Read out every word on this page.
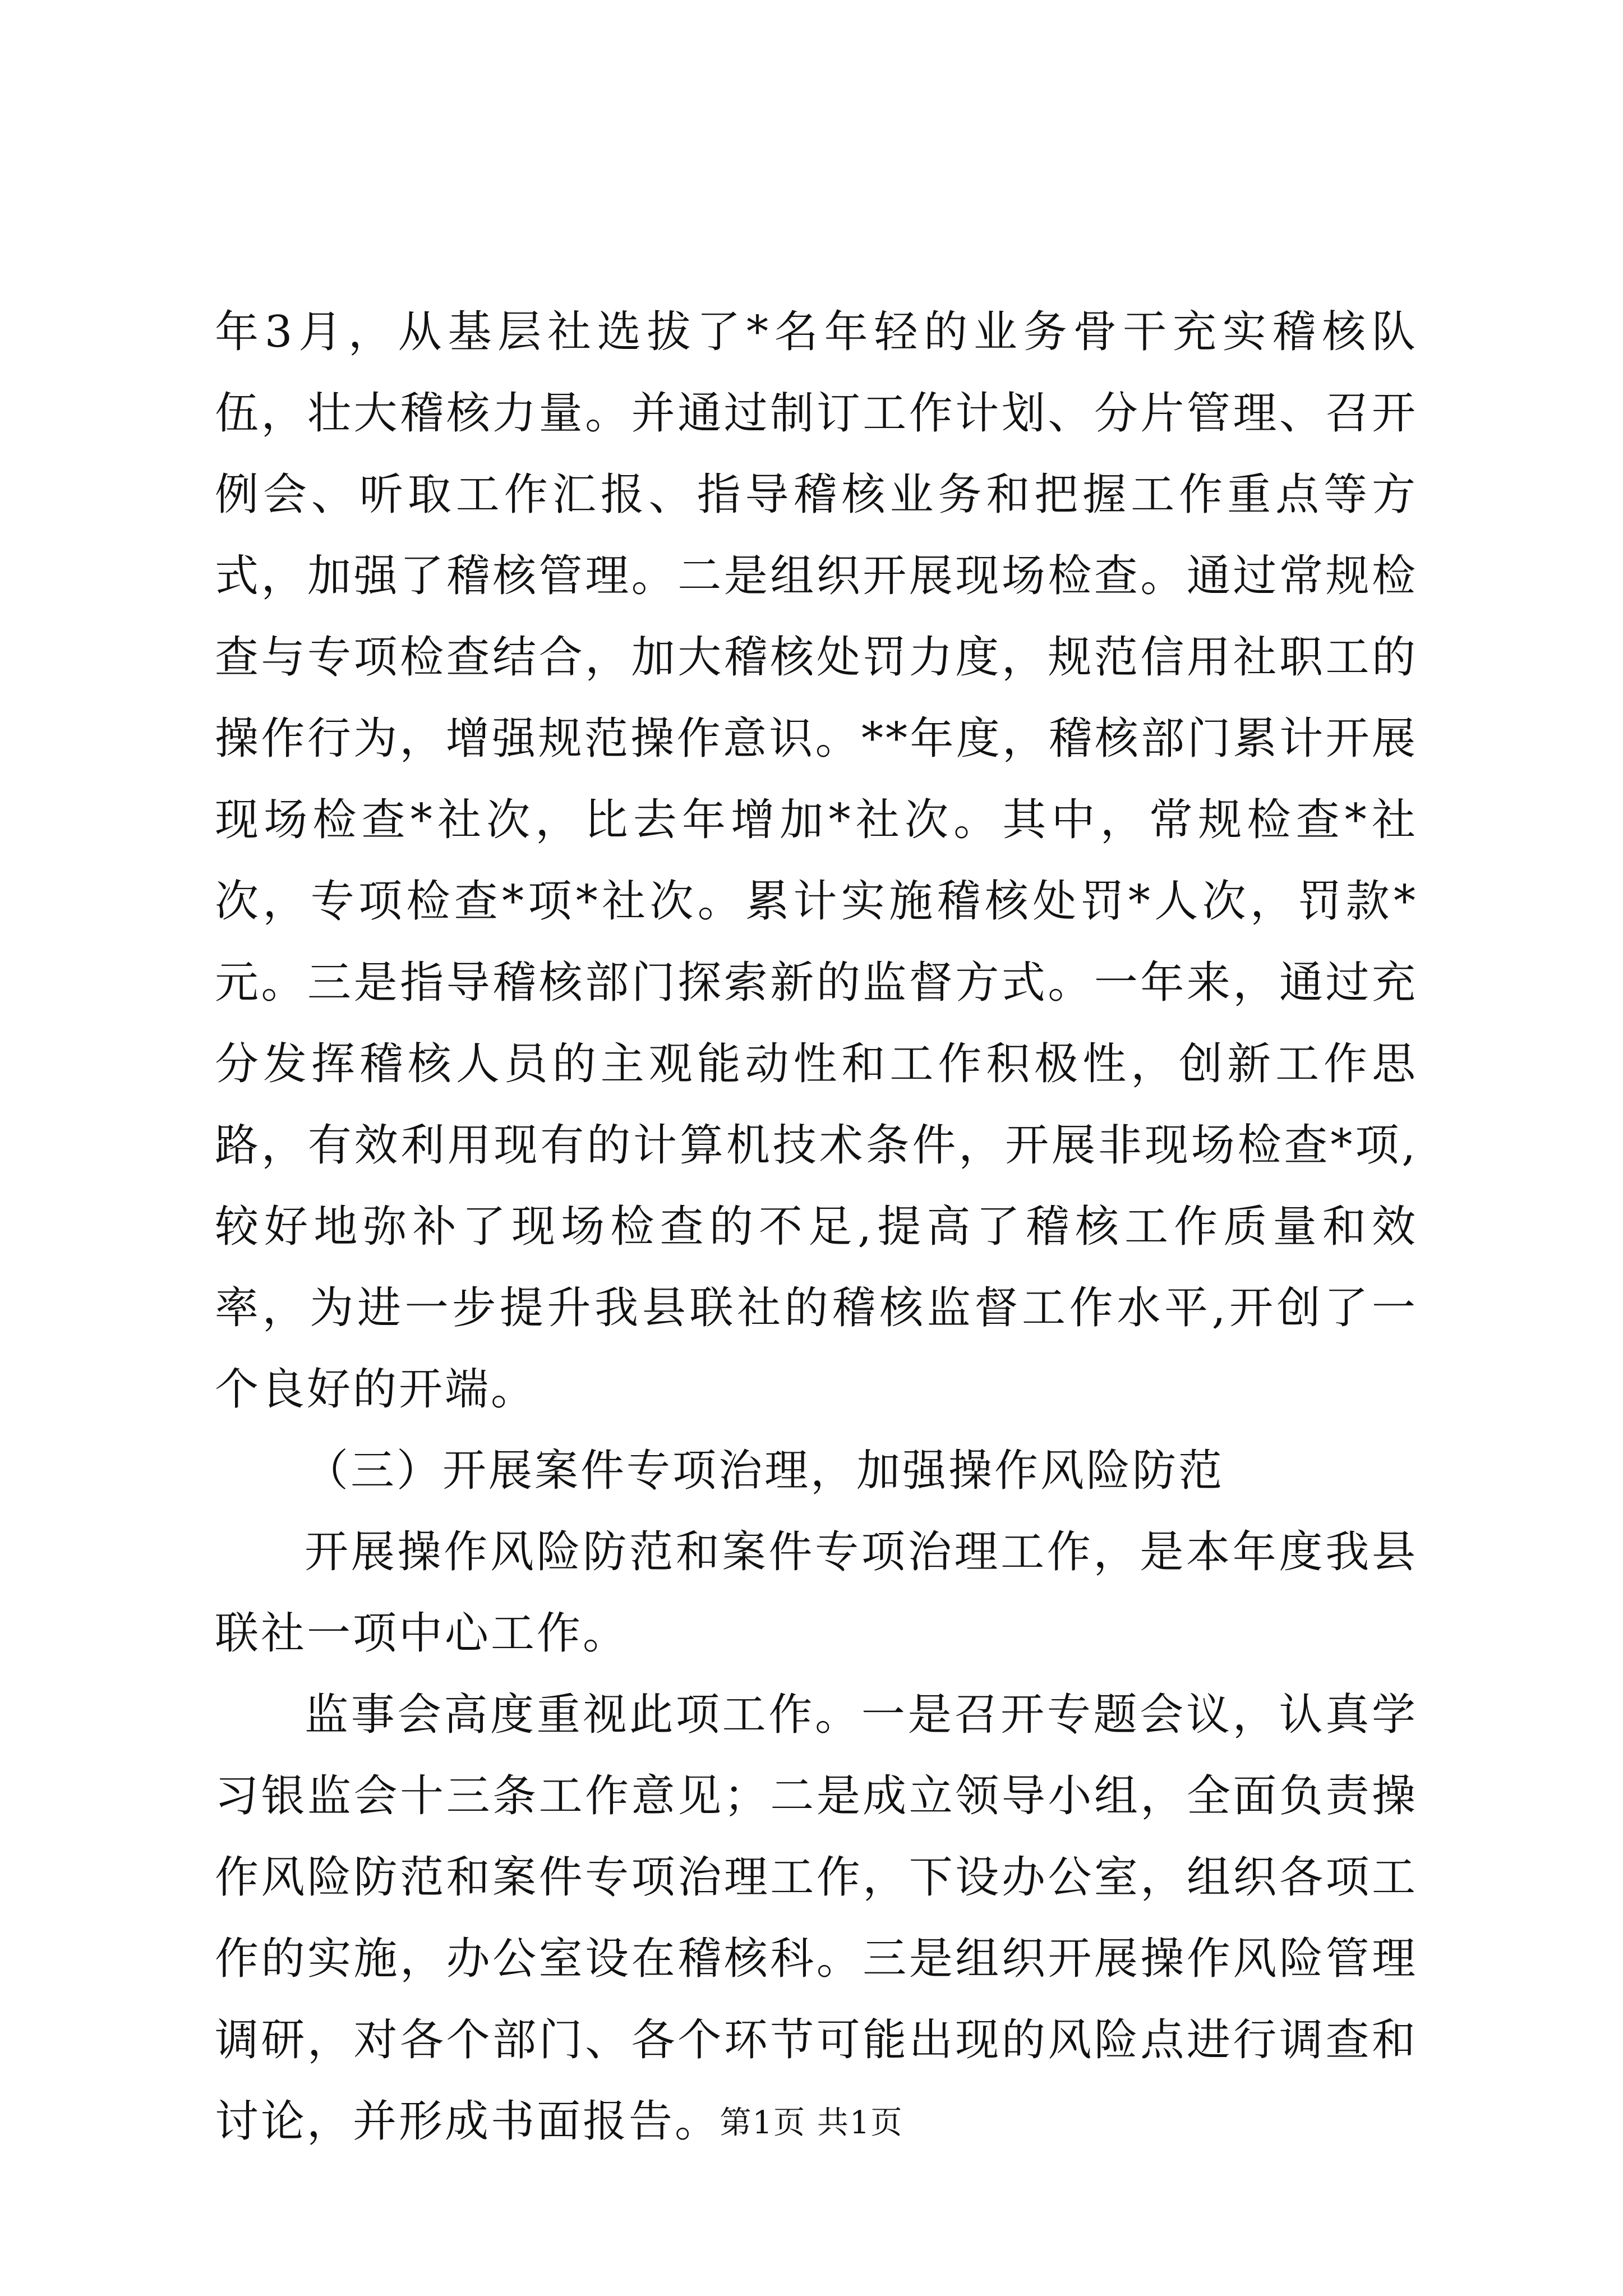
年3月，从基层社选拔了*名年轻的业务骨干充实稽核队伍，壮大稽核力量。并通过制订工作计划、分片管理、召开例会、听取工作汇报、指导稽核业务和把握工作重点等方式，加强了稽核管理。二是组织开展现场检查。通过常规检查与专项检查结合，加大稽核处罚力度，规范信用社职工的操作行为，增强规范操作意识。**年度，稽核部门累计开展现场检查*社次，比去年增加*社次。其中，常规检查*社次，专项检查*项*社次。累计实施稽核处罚*人次，罚款*元。三是指导稽核部门探索新的监督方式。一年来，通过充分发挥稽核人员的主观能动性和工作积极性，创新工作思路，有效利用现有的计算机技术条件，开展非现场检查*项,较好地弥补了现场检查的不足,提高了稽核工作质量和效率，为进一步提升我县联社的稽核监督工作水平,开创了一个良好的开端。

（三）开展案件专项治理，加强操作风险防范

开展操作风险防范和案件专项治理工作，是本年度我县联社一项中心工作。

监事会高度重视此项工作。一是召开专题会议，认真学习银监会十三条工作意见；二是成立领导小组，全面负责操作风险防范和案件专项治理工作，下设办公室，组织各项工作的实施，办公室设在稽核科。三是组织开展操作风险管理调研，对各个部门、各个环节可能出现的风险点进行调查和讨论，并形成书面报告。

第1页 共1页
